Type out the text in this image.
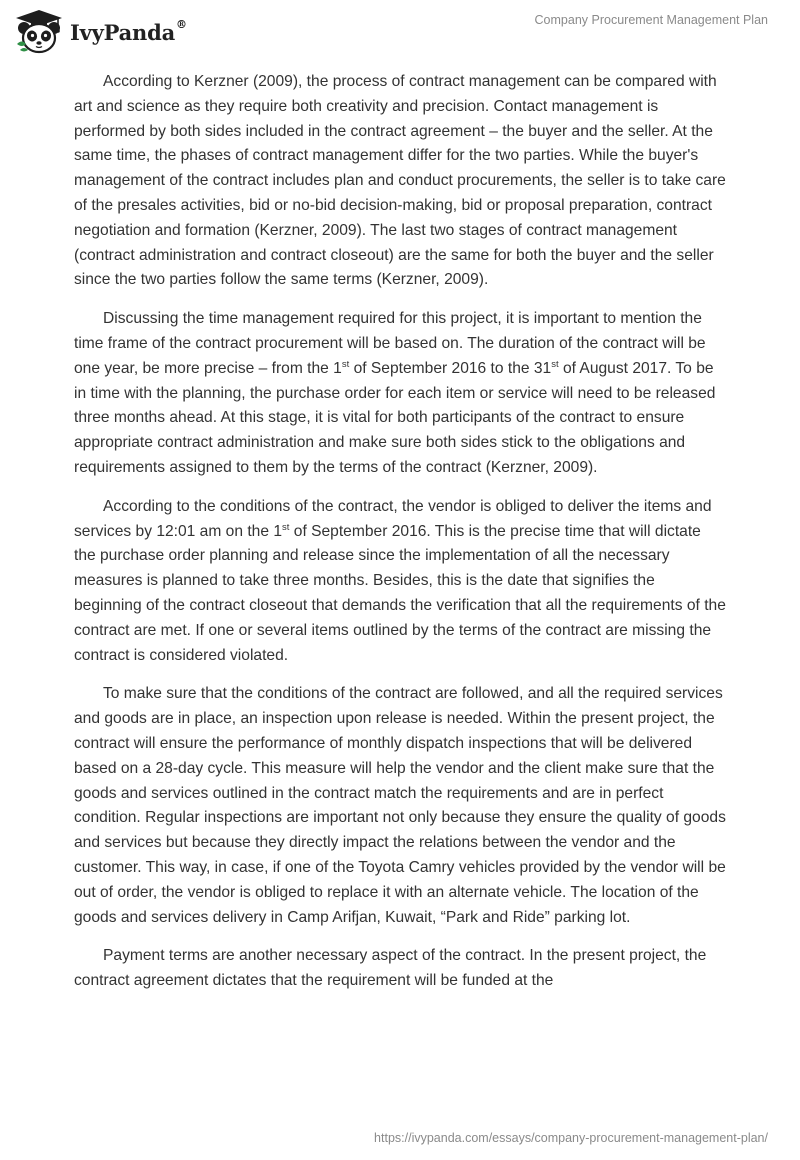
IvyPanda®	Company Procurement Management Plan

According to Kerzner (2009), the process of contract management can be compared with art and science as they require both creativity and precision. Contact management is performed by both sides included in the contract agreement – the buyer and the seller. At the same time, the phases of contract management differ for the two parties. While the buyer's management of the contract includes plan and conduct procurements, the seller is to take care of the presales activities, bid or no-bid decision-making, bid or proposal preparation, contract negotiation and formation (Kerzner, 2009). The last two stages of contract management (contract administration and contract closeout) are the same for both the buyer and the seller since the two parties follow the same terms (Kerzner, 2009).

Discussing the time management required for this project, it is important to mention the time frame of the contract procurement will be based on. The duration of the contract will be one year, be more precise – from the 1st of September 2016 to the 31st of August 2017. To be in time with the planning, the purchase order for each item or service will need to be released three months ahead. At this stage, it is vital for both participants of the contract to ensure appropriate contract administration and make sure both sides stick to the obligations and requirements assigned to them by the terms of the contract (Kerzner, 2009).

According to the conditions of the contract, the vendor is obliged to deliver the items and services by 12:01 am on the 1st of September 2016. This is the precise time that will dictate the purchase order planning and release since the implementation of all the necessary measures is planned to take three months. Besides, this is the date that signifies the beginning of the contract closeout that demands the verification that all the requirements of the contract are met. If one or several items outlined by the terms of the contract are missing the contract is considered violated.

To make sure that the conditions of the contract are followed, and all the required services and goods are in place, an inspection upon release is needed. Within the present project, the contract will ensure the performance of monthly dispatch inspections that will be delivered based on a 28-day cycle. This measure will help the vendor and the client make sure that the goods and services outlined in the contract match the requirements and are in perfect condition. Regular inspections are important not only because they ensure the quality of goods and services but because they directly impact the relations between the vendor and the customer. This way, in case, if one of the Toyota Camry vehicles provided by the vendor will be out of order, the vendor is obliged to replace it with an alternate vehicle. The location of the goods and services delivery in Camp Arifjan, Kuwait, “Park and Ride” parking lot.

Payment terms are another necessary aspect of the contract. In the present project, the contract agreement dictates that the requirement will be funded at the

https://ivypanda.com/essays/company-procurement-management-plan/
